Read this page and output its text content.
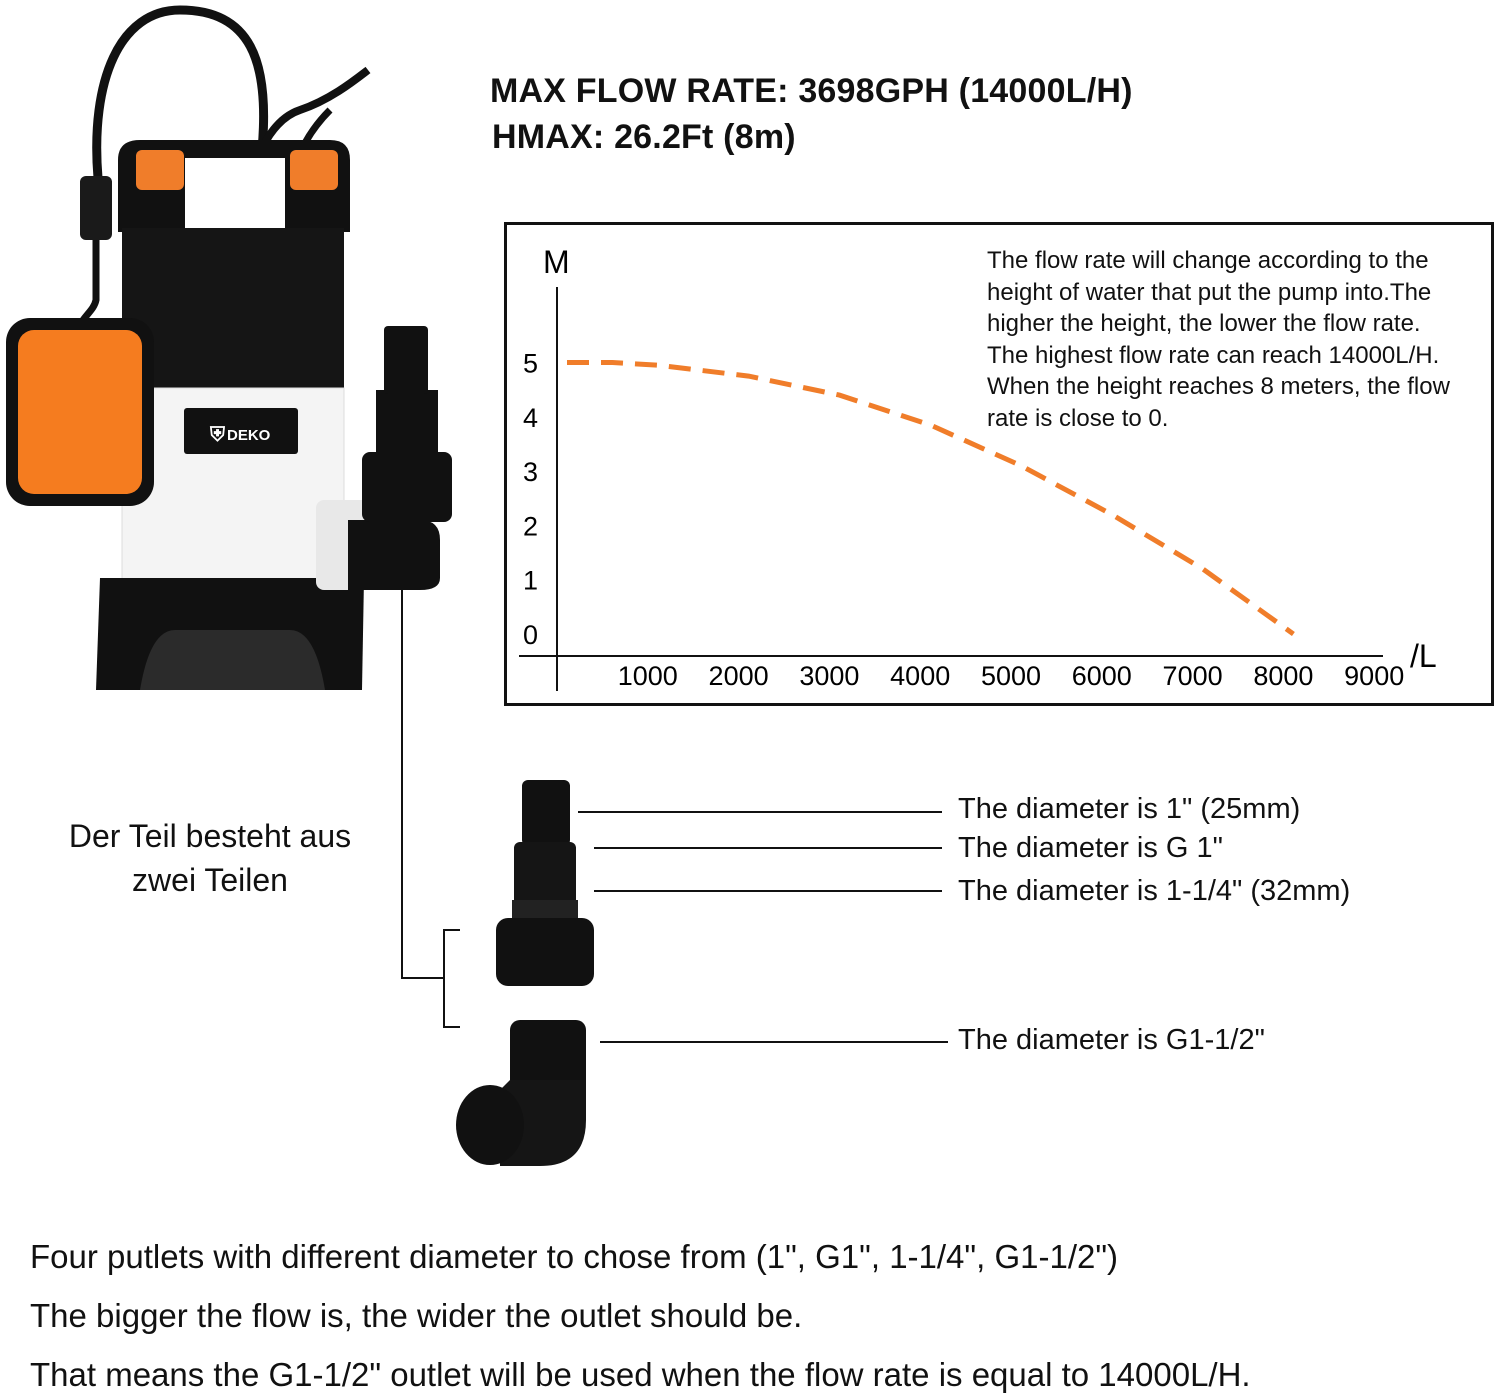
⛨ DEKO
MAX FLOW RATE: 3698GPH (14000L/H)
HMAX: 26.2Ft (8m)
M
/L
0
1
2
3
4
5
1000 2000 3000 4000 5000 6000 7000 8000 9000
The flow rate will change according to the
height of water that put the pump into.The
higher the height, the lower the flow rate.
The highest flow rate can reach 14000L/H.
When the height reaches 8 meters, the flow
rate is close to 0.
The diameter is 1" (25mm)
The diameter is G 1"
The diameter is 1-1/4" (32mm)
The diameter is G1-1/2"
Der Teil besteht aus
zwei Teilen
Four putlets with different diameter to chose from (1", G1", 1-1/4", G1-1/2")
The bigger the flow is, the wider the outlet should be.
That means the G1-1/2" outlet will be used when the flow rate is equal to 14000L/H.
